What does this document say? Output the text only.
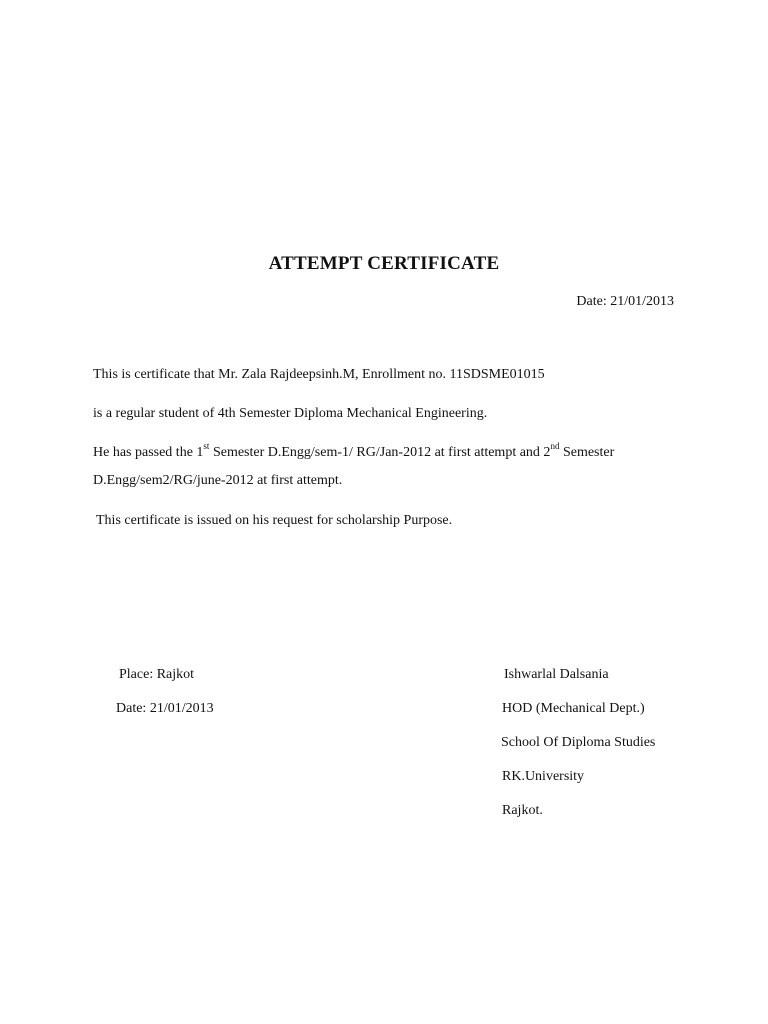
ATTEMPT CERTIFICATE

Date: 21/01/2013

This is certificate that Mr. Zala Rajdeepsinh.M, Enrollment no. 11SDSME01015

is a regular student of 4th Semester Diploma Mechanical Engineering.

He has passed the 1st Semester D.Engg/sem-1/ RG/Jan-2012 at first attempt and 2nd Semester

D.Engg/sem2/RG/june-2012 at first attempt.

This certificate is issued on his request for scholarship Purpose.

Place: Rajkot

Date: 21/01/2013

Ishwarlal Dalsania

HOD (Mechanical Dept.)

School Of Diploma Studies

RK.University

Rajkot.
